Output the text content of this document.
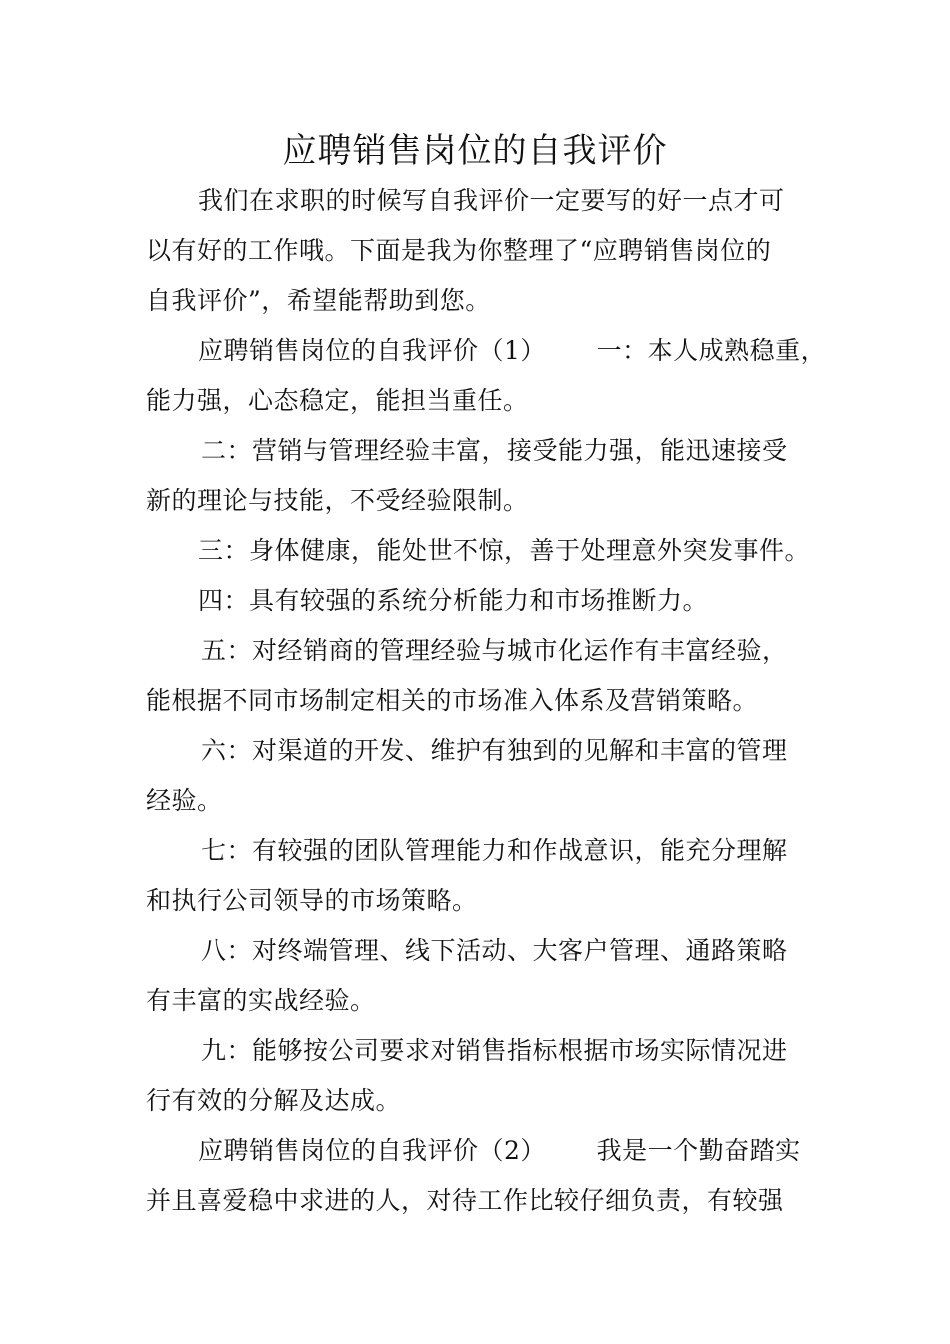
应聘销售岗位的自我评价
我们在求职的时候写自我评价一定要写的好一点才可
以有好的工作哦。下面是我为你整理了“应聘销售岗位的
自我评价”，希望能帮助到您。
应聘销售岗位的自我评价（1）      一：本人成熟稳重，
能力强，心态稳定，能担当重任。
二：营销与管理经验丰富，接受能力强，能迅速接受
新的理论与技能，不受经验限制。
三：身体健康，能处世不惊，善于处理意外突发事件。
四：具有较强的系统分析能力和市场推断力。
五：对经销商的管理经验与城市化运作有丰富经验，
能根据不同市场制定相关的市场准入体系及营销策略。
六：对渠道的开发、维护有独到的见解和丰富的管理
经验。
七：有较强的团队管理能力和作战意识，能充分理解
和执行公司领导的市场策略。
八：对终端管理、线下活动、大客户管理、通路策略
有丰富的实战经验。
九：能够按公司要求对销售指标根据市场实际情况进
行有效的分解及达成。
应聘销售岗位的自我评价（2）      我是一个勤奋踏实
并且喜爱稳中求进的人，对待工作比较仔细负责，有较强
